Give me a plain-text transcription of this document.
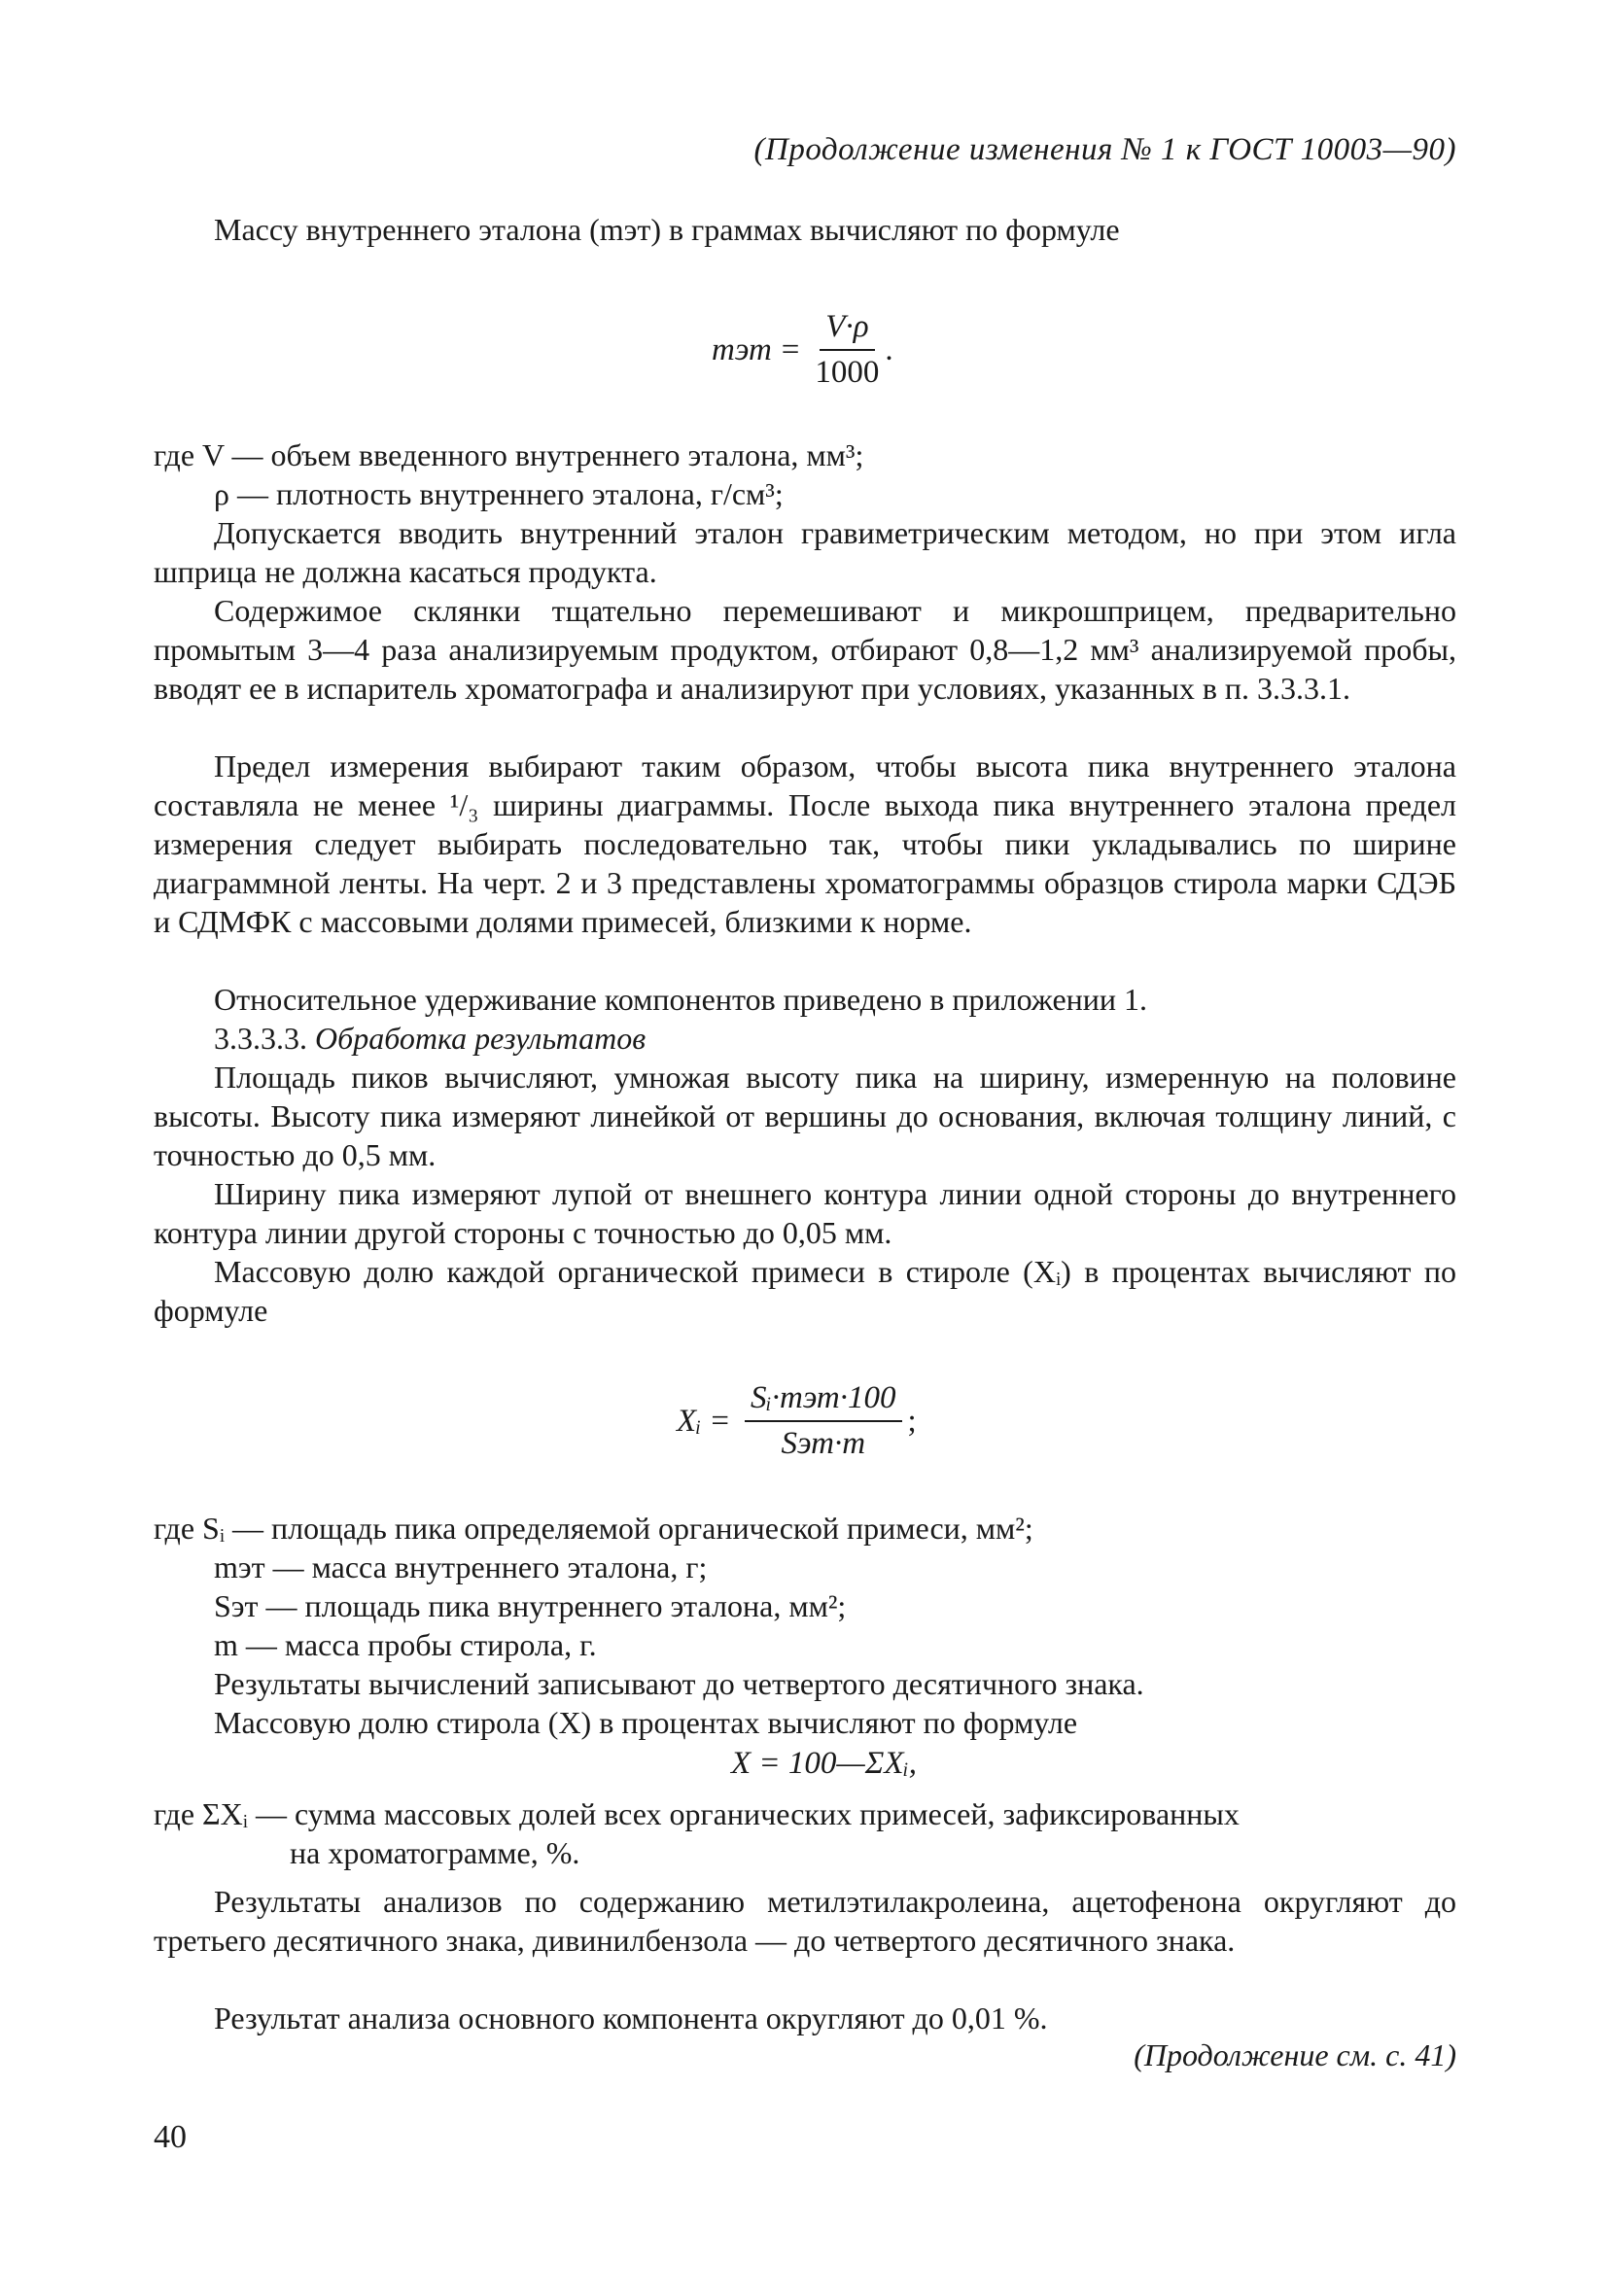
(Продолжение изменения № 1 к ГОСТ 10003—90)

Массу внутреннего эталона (mэт) в граммах вычисляют по формуле

mэт = $\frac{V\cdot\rho}{1000}$ .

где V — объем введенного внутреннего эталона, мм³;

ρ — плотность внутреннего эталона, г/см³;

Допускается вводить внутренний эталон гравиметрическим методом, но при этом игла шприца не должна касаться продукта.

Содержимое склянки тщательно перемешивают и микрошприцем, предварительно промытым 3—4 раза анализируемым продуктом, отбирают 0,8—1,2 мм³ анализируемой пробы, вводят ее в испаритель хроматографа и анализируют при условиях, указанных в п. 3.3.3.1.

Предел измерения выбирают таким образом, чтобы высота пика внутреннего эталона составляла не менее ¹/₃ ширины диаграммы. После выхода пика внутреннего эталона предел измерения следует выбирать последовательно так, чтобы пики укладывались по ширине диаграммной ленты. На черт. 2 и 3 представлены хроматограммы образцов стирола марки СДЭБ и СДМФК с массовыми долями примесей, близкими к норме.

Относительное удерживание компонентов приведено в приложении 1.

3.3.3.3. Обработка результатов

Площадь пиков вычисляют, умножая высоту пика на ширину, измеренную на половине высоты. Высоту пика измеряют линейкой от вершины до основания, включая толщину линий, с точностью до 0,5 мм.

Ширину пика измеряют лупой от внешнего контура линии одной стороны до внутреннего контура линии другой стороны с точностью до 0,05 мм.

Массовую долю каждой органической примеси в стироле (Xᵢ) в процентах вычисляют по формуле

Xᵢ = $\frac{\text{Sᵢ·mэт·100}}{\text{Sэт·m}}$ ;

где Sᵢ — площадь пика определяемой органической примеси, мм²;

mэт — масса внутреннего эталона, г;

Sэт — площадь пика внутреннего эталона, мм²;

m — масса пробы стирола, г.

Результаты вычислений записывают до четвертого десятичного знака.

Массовую долю стирола (X) в процентах вычисляют по формуле

X = 100—ΣXᵢ,

где ΣXᵢ — сумма массовых долей всех органических примесей, зафиксированных

на хроматограмме, %.

Результаты анализов по содержанию метилэтилакролеина, ацетофенона округляют до третьего десятичного знака, дивинилбензола — до четвертого десятичного знака.

Результат анализа основного компонента округляют до 0,01 %.

(Продолжение см. с. 41)
40
